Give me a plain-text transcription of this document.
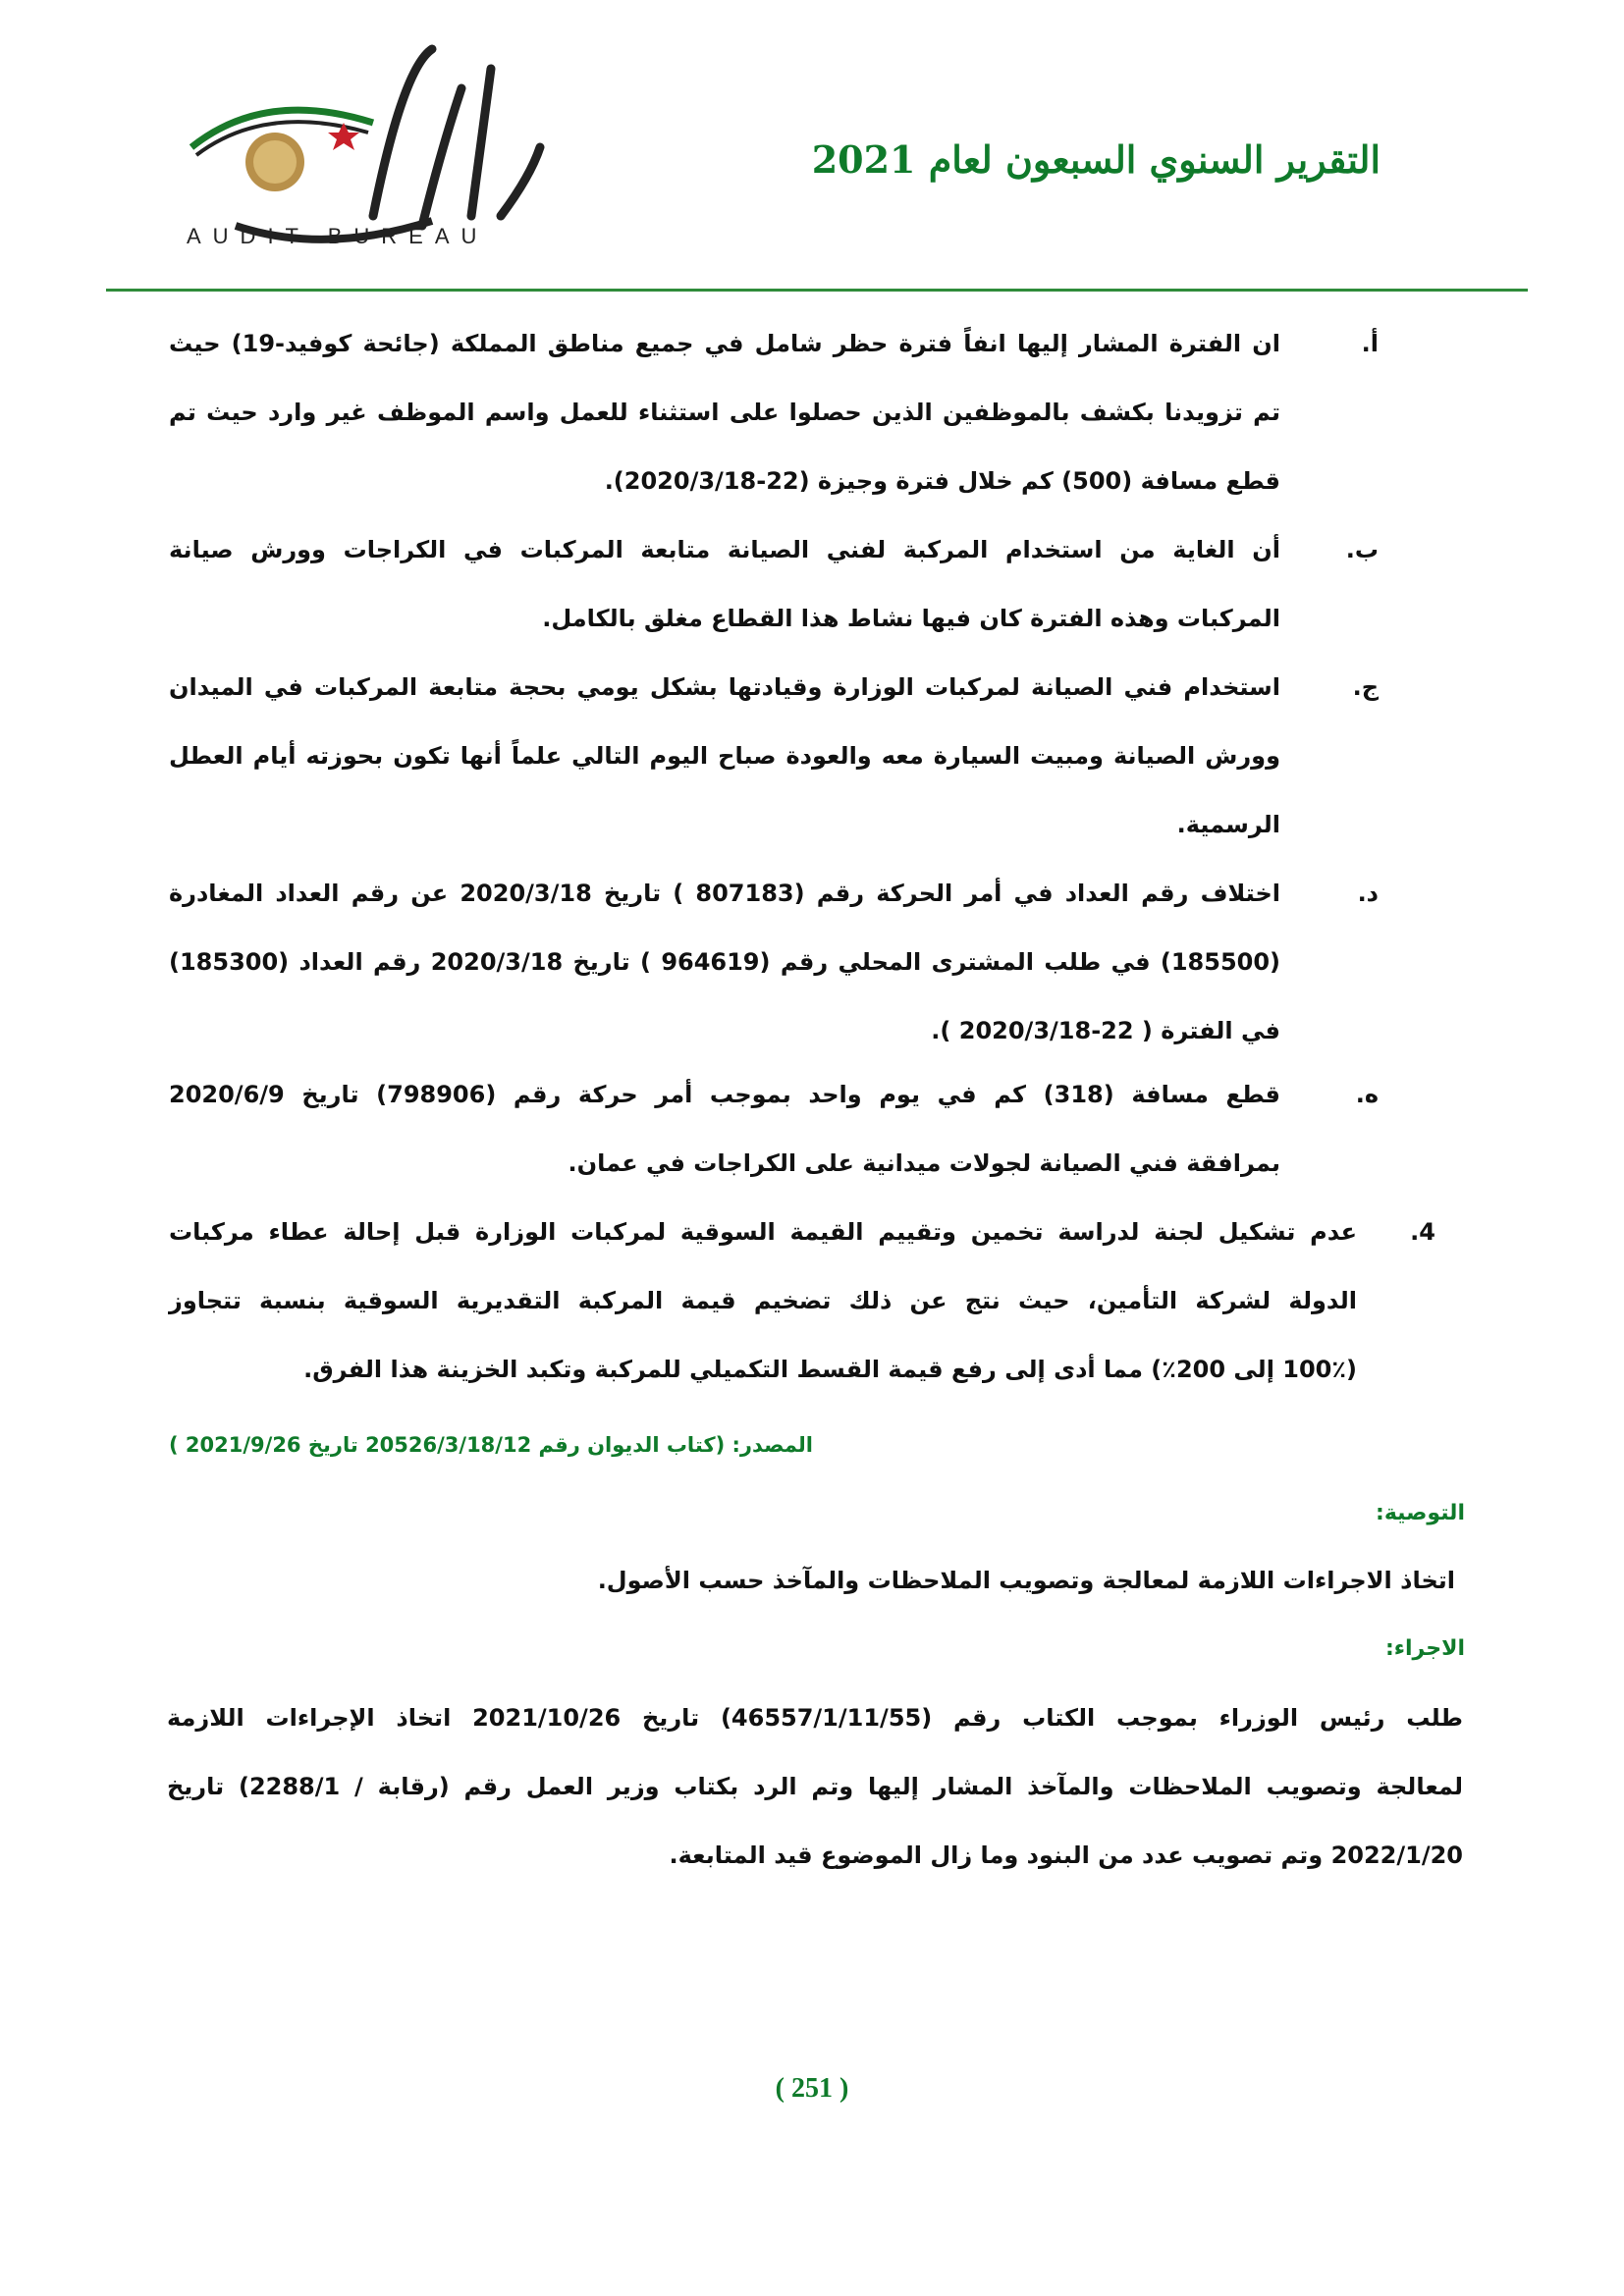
AUDIT BUREAU
التقرير السنوي السبعون لعام 2021
أ.
ان الفترة المشار إليها انفاً فترة حظر شامل في جميع مناطق المملكة (جائحة كوفيد-19) حيث
تم تزويدنا بكشف بالموظفين الذين حصلوا على استثناء للعمل واسم الموظف غير وارد حيث تم
قطع مسافة (500) كم خلال فترة وجيزة (22-2020/3/18).
ب.
أن الغاية من استخدام المركبة لفني الصيانة متابعة المركبات في الكراجات وورش صيانة
المركبات وهذه الفترة كان فيها نشاط هذا القطاع مغلق بالكامل.
ج.
استخدام فني الصيانة لمركبات الوزارة وقيادتها بشكل يومي بحجة متابعة المركبات في الميدان
وورش الصيانة ومبيت السيارة معه والعودة صباح اليوم التالي علماً أنها تكون بحوزته أيام العطل
الرسمية.
د.
اختلاف رقم العداد في أمر الحركة رقم (807183 ) تاريخ 2020/3/18 عن رقم العداد المغادرة
(185500) في طلب المشترى المحلي رقم (964619 ) تاريخ 2020/3/18 رقم العداد (185300)
في الفترة ( 22-2020/3/18 ).
ه.
قطع مسافة (318) كم في يوم واحد بموجب أمر حركة رقم (798906) تاريخ 2020/6/9
بمرافقة فني الصيانة لجولات ميدانية على الكراجات في عمان.
4.
عدم تشكيل لجنة لدراسة تخمين وتقييم القيمة السوقية لمركبات الوزارة قبل إحالة عطاء مركبات
الدولة لشركة التأمين، حيث نتج عن ذلك تضخيم قيمة المركبة التقديرية السوقية بنسبة تتجاوز
(100٪ إلى 200٪) مما أدى إلى رفع قيمة القسط التكميلي للمركبة وتكبد الخزينة هذا الفرق.
طلب رئيس الوزراء بموجب الكتاب رقم (46557/1/11/55) تاريخ 2021/10/26 اتخاذ الإجراءات اللازمة
لمعالجة وتصويب الملاحظات والمآخذ المشار إليها وتم الرد بكتاب وزير العمل رقم (رقابة / 2288/1) تاريخ
2022/1/20 وتم تصويب عدد من البنود وما زال الموضوع قيد المتابعة.
التوصية:
اتخاذ الاجراءات اللازمة لمعالجة وتصويب الملاحظات والمآخذ حسب الأصول.
الاجراء:
المصدر: (كتاب الديوان رقم 20526/3/18/12 تاريخ 2021/9/26 )
( 251 )
